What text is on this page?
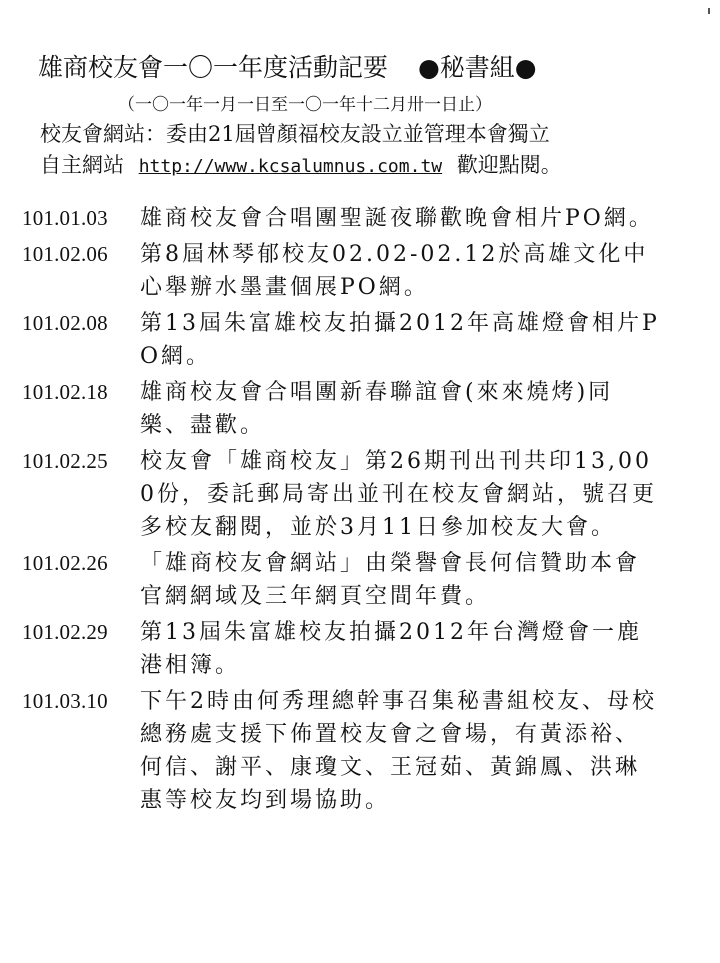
雄商校友會一〇一年度活動記要 ●秘書組●
（一〇一年一月一日至一〇一年十二月卅一日止）
校友會網站：委由21屆曾顏福校友設立並管理本會獨立
自主網站 http://www.kcsalumnus.com.tw 歡迎點閱。
101.01.03	雄商校友會合唱團聖誕夜聯歡晚會相片PO網。
101.02.06	第8屆林琴郁校友02.02-02.12於高雄文化中心舉辦水墨畫個展PO網。
101.02.08	第13屆朱富雄校友拍攝2012年高雄燈會相片PO網。
101.02.18	雄商校友會合唱團新春聯誼會(來來燒烤)同樂、盡歡。
101.02.25	校友會「雄商校友」第26期刊出刊共印13,000份，委託郵局寄出並刊在校友會網站，號召更多校友翻閱，並於3月11日參加校友大會。
101.02.26	「雄商校友會網站」由榮譽會長何信贊助本會官網網域及三年網頁空間年費。
101.02.29	第13屆朱富雄校友拍攝2012年台灣燈會一鹿港相簿。
101.03.10	下午2時由何秀理總幹事召集秘書組校友、母校總務處支援下佈置校友會之會場，有黃添裕、何信、謝平、康瓊文、王冠茹、黃錦鳳、洪琳惠等校友均到場協助。
